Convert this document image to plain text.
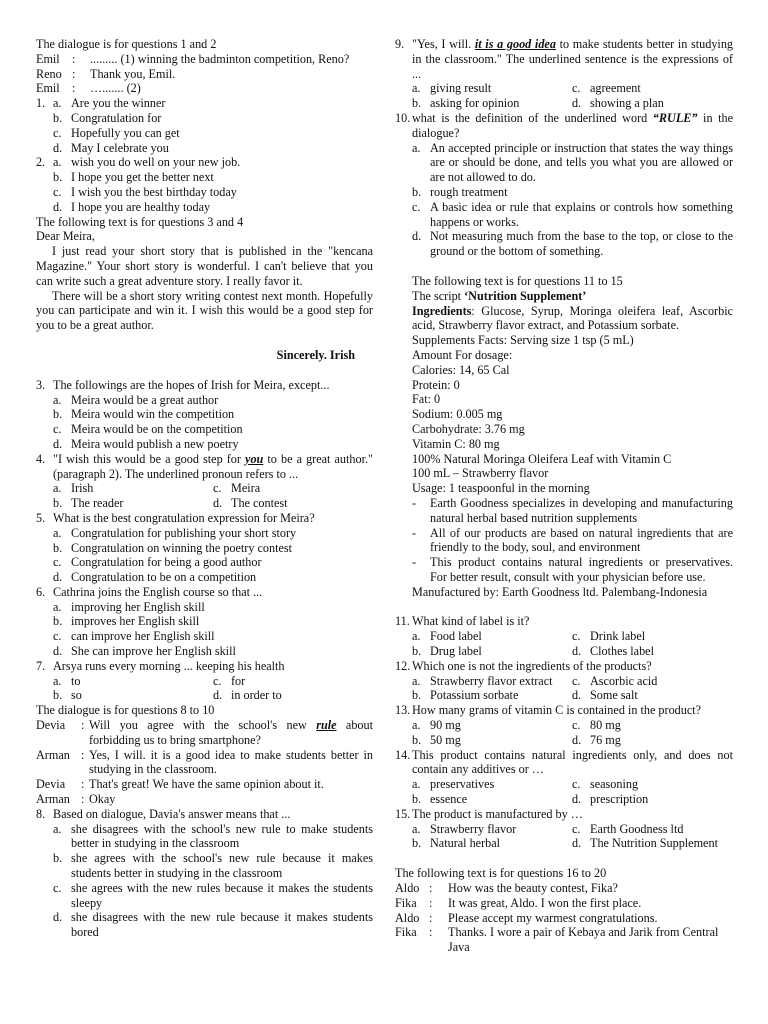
The dialogue is for questions 1 and 2
Emil	:	......... (1) winning the badminton competition, Reno?
Reno :	Thank you, Emil.
Emil	:	…....... (2)
1. a. Are you the winner
b. Congratulation for
c. Hopefully you can get
d. May I celebrate you
2. a. wish you do well on your new job.
b. I hope you get the better next
c. I wish you the best birthday today
d. I hope you are healthy today
The following text is for questions 3 and 4
Dear Meira,

I just read your short story that is published in the "kencana Magazine." Your short story is wonderful. I can't believe that you can write such a great adventure story. I really favor it.

There will be a short story writing contest next month. Hopefully you can participate and win it. I wish this would be a good step for you to be a great author.

Sincerely. Irish
3. The followings are the hopes of Irish for Meira, except...
a. Meira would be a great author
b. Meira would win the competition
c. Meira would be on the competition
d. Meira would publish a new poetry
4. "I wish this would be a good step for you to be a great author." (paragraph 2). The underlined pronoun refers to ...
a. Irish	c. Meira
b. The reader	d. The contest
5. What is the best congratulation expression for Meira?
a. Congratulation for publishing your short story
b. Congratulation on winning the poetry contest
c. Congratulation for being a good author
d. Congratulation to be on a competition
6. Cathrina joins the English course so that ...
a. improving her English skill
b. improves her English skill
c. can improve her English skill
d. She can improve her English skill
7. Arsya runs every morning ... keeping his health
a. to	c. for
b. so	d. in order to
The dialogue is for questions 8 to 10
Devia	: Will you agree with the school's new rule about forbidding us to bring smartphone?
Arman : Yes, I will. it is a good idea to make students better in studying in the classroom.
Devia	: That's great! We have the same opinion about it.
Arman : Okay
8. Based on dialogue, Davia's answer means that ...
a. she disagrees with the school's new rule to make students better in studying in the classroom
b. she agrees with the school's new rule because it makes students better in studying in the classroom
c. she agrees with the new rules because it makes the students sleepy
d. she disagrees with the new rule because it makes students bored
9. "Yes, I will. it is a good idea to make students better in studying in the classroom." The underlined sentence is the expressions of ...
a. giving result	c. agreement
b. asking for opinion	d. showing a plan
10. what is the definition of the underlined word “RULE” in the dialogue?
a. An accepted principle or instruction that states the way things are or should be done, and tells you what you are allowed or are not allowed to do.
b. rough treatment
c. A basic idea or rule that explains or controls how something happens or works.
d. Not measuring much from the base to the top, or close to the ground or the bottom of something.
The following text is for questions 11 to 15
The script ‘Nutrition Supplement’
Ingredients: Glucose, Syrup, Moringa oleifera leaf, Ascorbic acid, Strawberry flavor extract, and Potassium sorbate.
Supplements Facts: Serving size 1 tsp (5 mL)
Amount For dosage:
Calories: 14, 65 Cal
Protein: 0
Fat: 0
Sodium: 0.005 mg
Carbohydrate: 3.76 mg
Vitamin C: 80 mg
100% Natural Moringa Oleifera Leaf with Vitamin C
100 mL – Strawberry flavor
Usage: 1 teaspoonful in the morning
-	Earth Goodness specializes in developing and manufacturing natural herbal based nutrition supplements
-	All of our products are based on natural ingredients that are friendly to the body, soul, and environment
-	This product contains natural ingredients or preservatives. For better result, consult with your physician before use.
Manufactured by: Earth Goodness ltd. Palembang-Indonesia
11. What kind of label is it?
a. Food label	c. Drink label
b. Drug label	d. Clothes label
12. Which one is not the ingredients of the products?
a. Strawberry flavor extract	c. Ascorbic acid
b. Potassium sorbate	d. Some salt
13. How many grams of vitamin C is contained in the product?
a. 90 mg	c. 80 mg
b. 50 mg	d. 76 mg
14. This product contains natural ingredients only, and does not contain any additives or …
a. preservatives	c. seasoning
b. essence	d. prescription
15. The product is manufactured by …
a. Strawberry flavor	c. Earth Goodness ltd
b. Natural herbal	d. The Nutrition Supplement
The following text is for questions 16 to 20
Aldo :	How was the beauty contest, Fika?
Fika	:	It was great, Aldo. I won the first place.
Aldo :	Please accept my warmest congratulations.
Fika	:	Thanks. I wore a pair of Kebaya and Jarik from Central Java
